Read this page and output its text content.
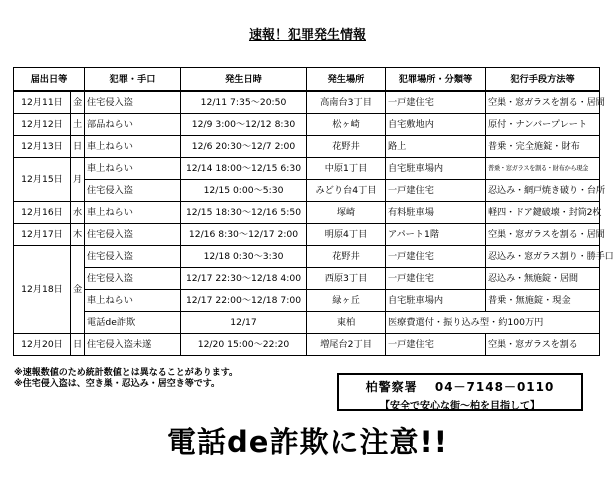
速報！犯罪発生情報
届出日等		犯罪・手口	発生日時	発生場所	犯罪場所・分類等	犯行手段方法等
12月11日	金	住宅侵入盗	12/11 7:35～20:50	高南台3丁目	一戸建住宅	空巣・窓ガラスを割る・居間
12月12日	土	部品ねらい	12/9 3:00～12/12 8:30	松ヶ崎	自宅敷地内	原付・ナンバープレート
12月13日	日	車上ねらい	12/6 20:30～12/7 2:00	花野井	路上	普乗・完全施錠・財布
12月15日	月	車上ねらい	12/14 18:00～12/15 6:30	中原1丁目	自宅駐車場内	普乗・窓ガラスを割る・財布から現金
		住宅侵入盗	12/15 0:00～5:30	みどり台4丁目	一戸建住宅	忍込み・網戸焼き破り・台所
12月16日	水	車上ねらい	12/15 18:30～12/16 5:50	塚崎	有料駐車場	軽四・ドア鍵破壊・封筒2枚
12月17日	木	住宅侵入盗	12/16 8:30～12/17 2:00	明原4丁目	アパート1階	空巣・窓ガラスを割る・居間
12月18日	金	住宅侵入盗	12/18 0:30～3:30	花野井	一戸建住宅	忍込み・窓ガラス割り・勝手口
		住宅侵入盗	12/17 22:30～12/18 4:00	西原3丁目	一戸建住宅	忍込み・無施錠・居間
		車上ねらい	12/17 22:00～12/18 7:00	緑ヶ丘	自宅駐車場内	普乗・無施錠・現金
		電話de詐欺	12/17	東柏	医療費還付・振り込み型・約100万円	
12月20日	日	住宅侵入盗未遂	12/20 15:00～22:20	増尾台2丁目	一戸建住宅	空巣・窓ガラスを割る
※速報数値のため統計数値とは異なることがあります。
※住宅侵入盗は、空き巣・忍込み・居空き等です。	柏警察署 04－7148－0110
【安全で安心な街～柏を目指して】
電話de詐欺に注意!!
